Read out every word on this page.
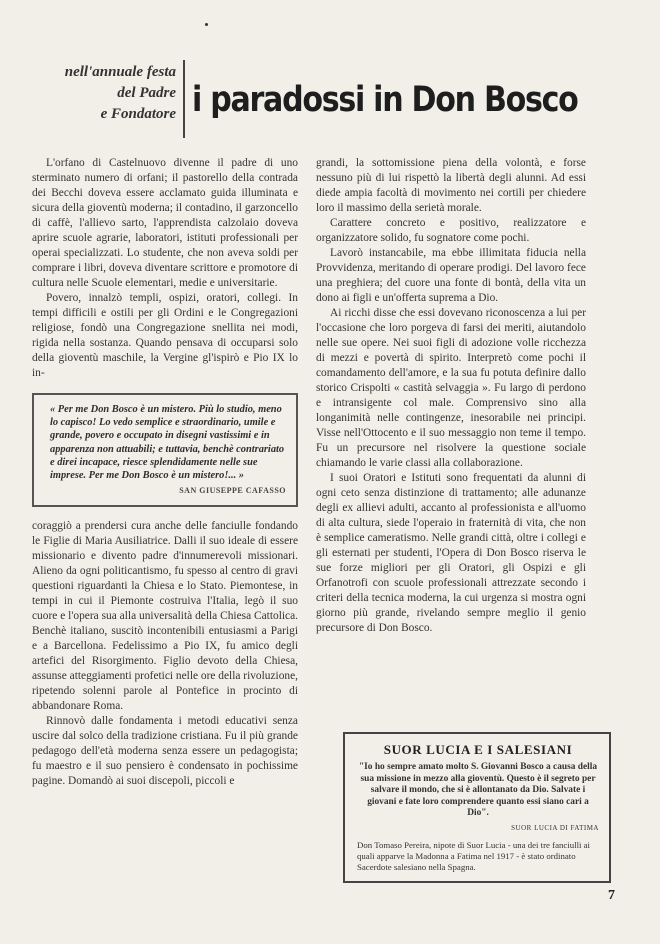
nell'annuale festa
del Padre
e Fondatore i paradossi in Don Bosco

L'orfano di Castelnuovo divenne il padre di uno sterminato numero di orfani; il pastorello della contrada dei Becchi doveva essere acclamato guida illuminata e sicura della gioventù moderna; il contadino, il garzoncello di caffè, l'allievo sarto, l'apprendista calzolaio doveva aprire scuole agrarie, laboratori, istituti professionali per operai specializzati. Lo studente, che non aveva soldi per comprare i libri, doveva diventare scrittore e promotore di cultura nelle Scuole elementari, medie e universitarie.

Povero, innalzò templi, ospizi, oratori, collegi. In tempi difficili e ostili per gli Ordini e le Congregazioni religiose, fondò una Congregazione snellita nei modi, rigida nella sostanza. Quando pensava di occuparsi solo della gioventù maschile, la Vergine gl'ispirò e Pio IX lo in-

« Per me Don Bosco è un mistero. Più lo studio, meno lo capisco! Lo vedo semplice e straordinario, umile e grande, povero e occupato in disegni vastissimi e in apparenza non attuabili; e tuttavia, benchè contrariato e direi incapace, riesce splendidamente nelle sue imprese. Per me Don Bosco è un mistero!... »
SAN GIUSEPPE CAFASSO

coraggiò a prendersi cura anche delle fanciulle fondando le Figlie di Maria Ausiliatrice. Dalli il suo ideale di essere missionario e divento padre d'innumerevoli missionari. Alieno da ogni politicantismo, fu spesso al centro di gravi questioni riguardanti la Chiesa e lo Stato. Piemontese, in tempi in cui il Piemonte costruiva l'Italia, legò il suo cuore e l'opera sua alla universalità della Chiesa Cattolica. Benchè italiano, suscitò incontenibili entusiasmi a Parigi e a Barcellona. Fedelissimo a Pio IX, fu amico degli artefici del Risorgimento. Figlio devoto della Chiesa, assunse atteggiamenti profetici nelle ore della rivoluzione, ripetendo solenni parole al Pontefice in procinto di abbandonare Roma.

Rinnovò dalle fondamenta i metodi educativi senza uscire dal solco della tradizione cristiana. Fu il più grande pedagogo dell'età moderna senza essere un pedagogista; fu maestro e il suo pensiero è condensato in pochissime pagine. Domandò ai suoi discepoli, piccoli e

grandi, la sottomissione piena della volontà, e forse nessuno più di lui rispettò la libertà degli alunni. Ad essi diede ampia facoltà di movimento nei cortili per chiedere loro il massimo della serietà morale.

Carattere concreto e positivo, realizzatore e organizzatore solido, fu sognatore come pochi.

Lavorò instancabile, ma ebbe illimitata fiducia nella Provvidenza, meritando di operare prodigi. Del lavoro fece una preghiera; del cuore una fonte di bontà, della vita un dono ai figli e un'offerta suprema a Dio.

Ai ricchi disse che essi dovevano riconoscenza a lui per l'occasione che loro porgeva di farsi dei meriti, aiutandolo nelle sue opere. Nei suoi figli di adozione volle ricchezza di mezzi e povertà di spirito. Interpretò come pochi il comandamento dell'amore, e la sua fu potuta definire dallo storico Crispolti « castità selvaggia ». Fu largo di perdono e intransigente col male. Comprensivo sino alla longanimità nelle contingenze, inesorabile nei principi. Visse nell'Ottocento e il suo messaggio non teme il tempo. Fu un precursore nel risolvere la questione sociale chiamando le varie classi alla collaborazione.

I suoi Oratori e Istituti sono frequentati da alunni di ogni ceto senza distinzione di trattamento; alle adunanze degli ex allievi adulti, accanto al professionista e all'uomo di alta cultura, siede l'operaio in fraternità di vita, che non è semplice cameratismo. Nelle grandi città, oltre i collegi e gli esternati per studenti, l'Opera di Don Bosco riserva le sue forze migliori per gli Oratori, gli Ospizi e gli Orfanotrofi con scuole professionali attrezzate secondo i criteri della tecnica moderna, la cui urgenza si mostra ogni giorno più grande, rivelando sempre meglio il genio precursore di Don Bosco.

SUOR LUCIA E I SALESIANI
"Io ho sempre amato molto S. Giovanni Bosco a causa della sua missione in mezzo alla gioventù. Questo è il segreto per salvare il mondo, che si è allontanato da Dio. Salvate i giovani e fate loro comprendere quanto essi siano cari a Dio".
SUOR LUCIA DI FATIMA
Don Tomaso Pereira, nipote di Suor Lucia - una dei tre fanciulli ai quali apparve la Madonna a Fatima nel 1917 - è stato ordinato Sacerdote salesiano nella Spagna.
7
